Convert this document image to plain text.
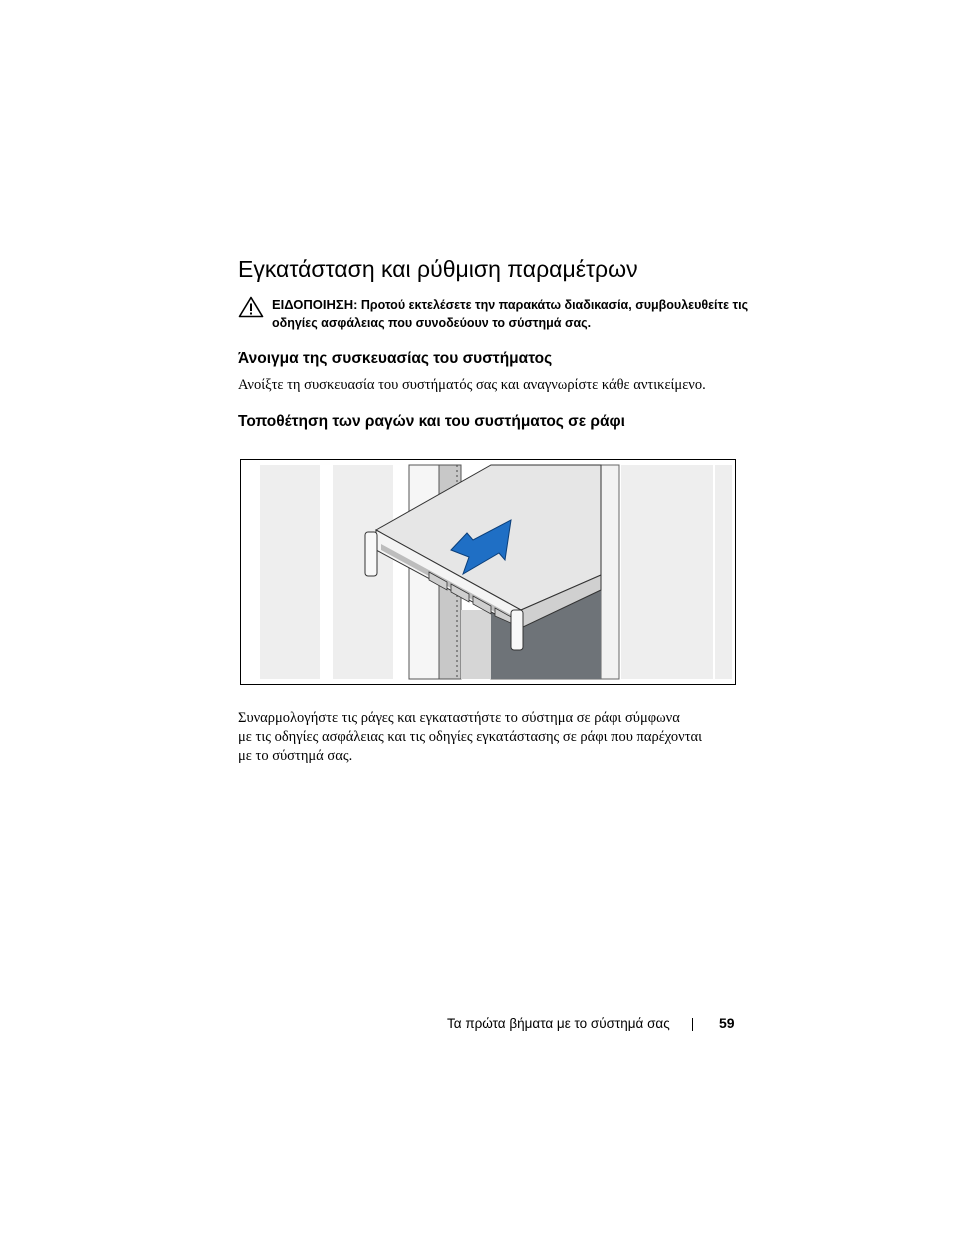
Εγκατάσταση και ρύθμιση παραμέτρων
ΕΙΔΟΠΟΙΗΣΗ: Προτού εκτελέσετε την παρακάτω διαδικασία, συμβουλευθείτε τις οδηγίες ασφάλειας που συνοδεύουν το σύστημά σας.
Άνοιγμα της συσκευασίας του συστήματος

Ανοίξτε τη συσκευασία του συστήματός σας και αναγνωρίστε κάθε αντικείμενο.

Τοποθέτηση των ραγών και του συστήματος σε ράφι

Συναρμολογήστε τις ράγες και εγκαταστήστε το σύστημα σε ράφι σύμφωνα
με τις οδηγίες ασφάλειας και τις οδηγίες εγκατάστασης σε ράφι που παρέχονται
με το σύστημά σας.

Τα πρώτα βήματα με το σύστημά σας	59
